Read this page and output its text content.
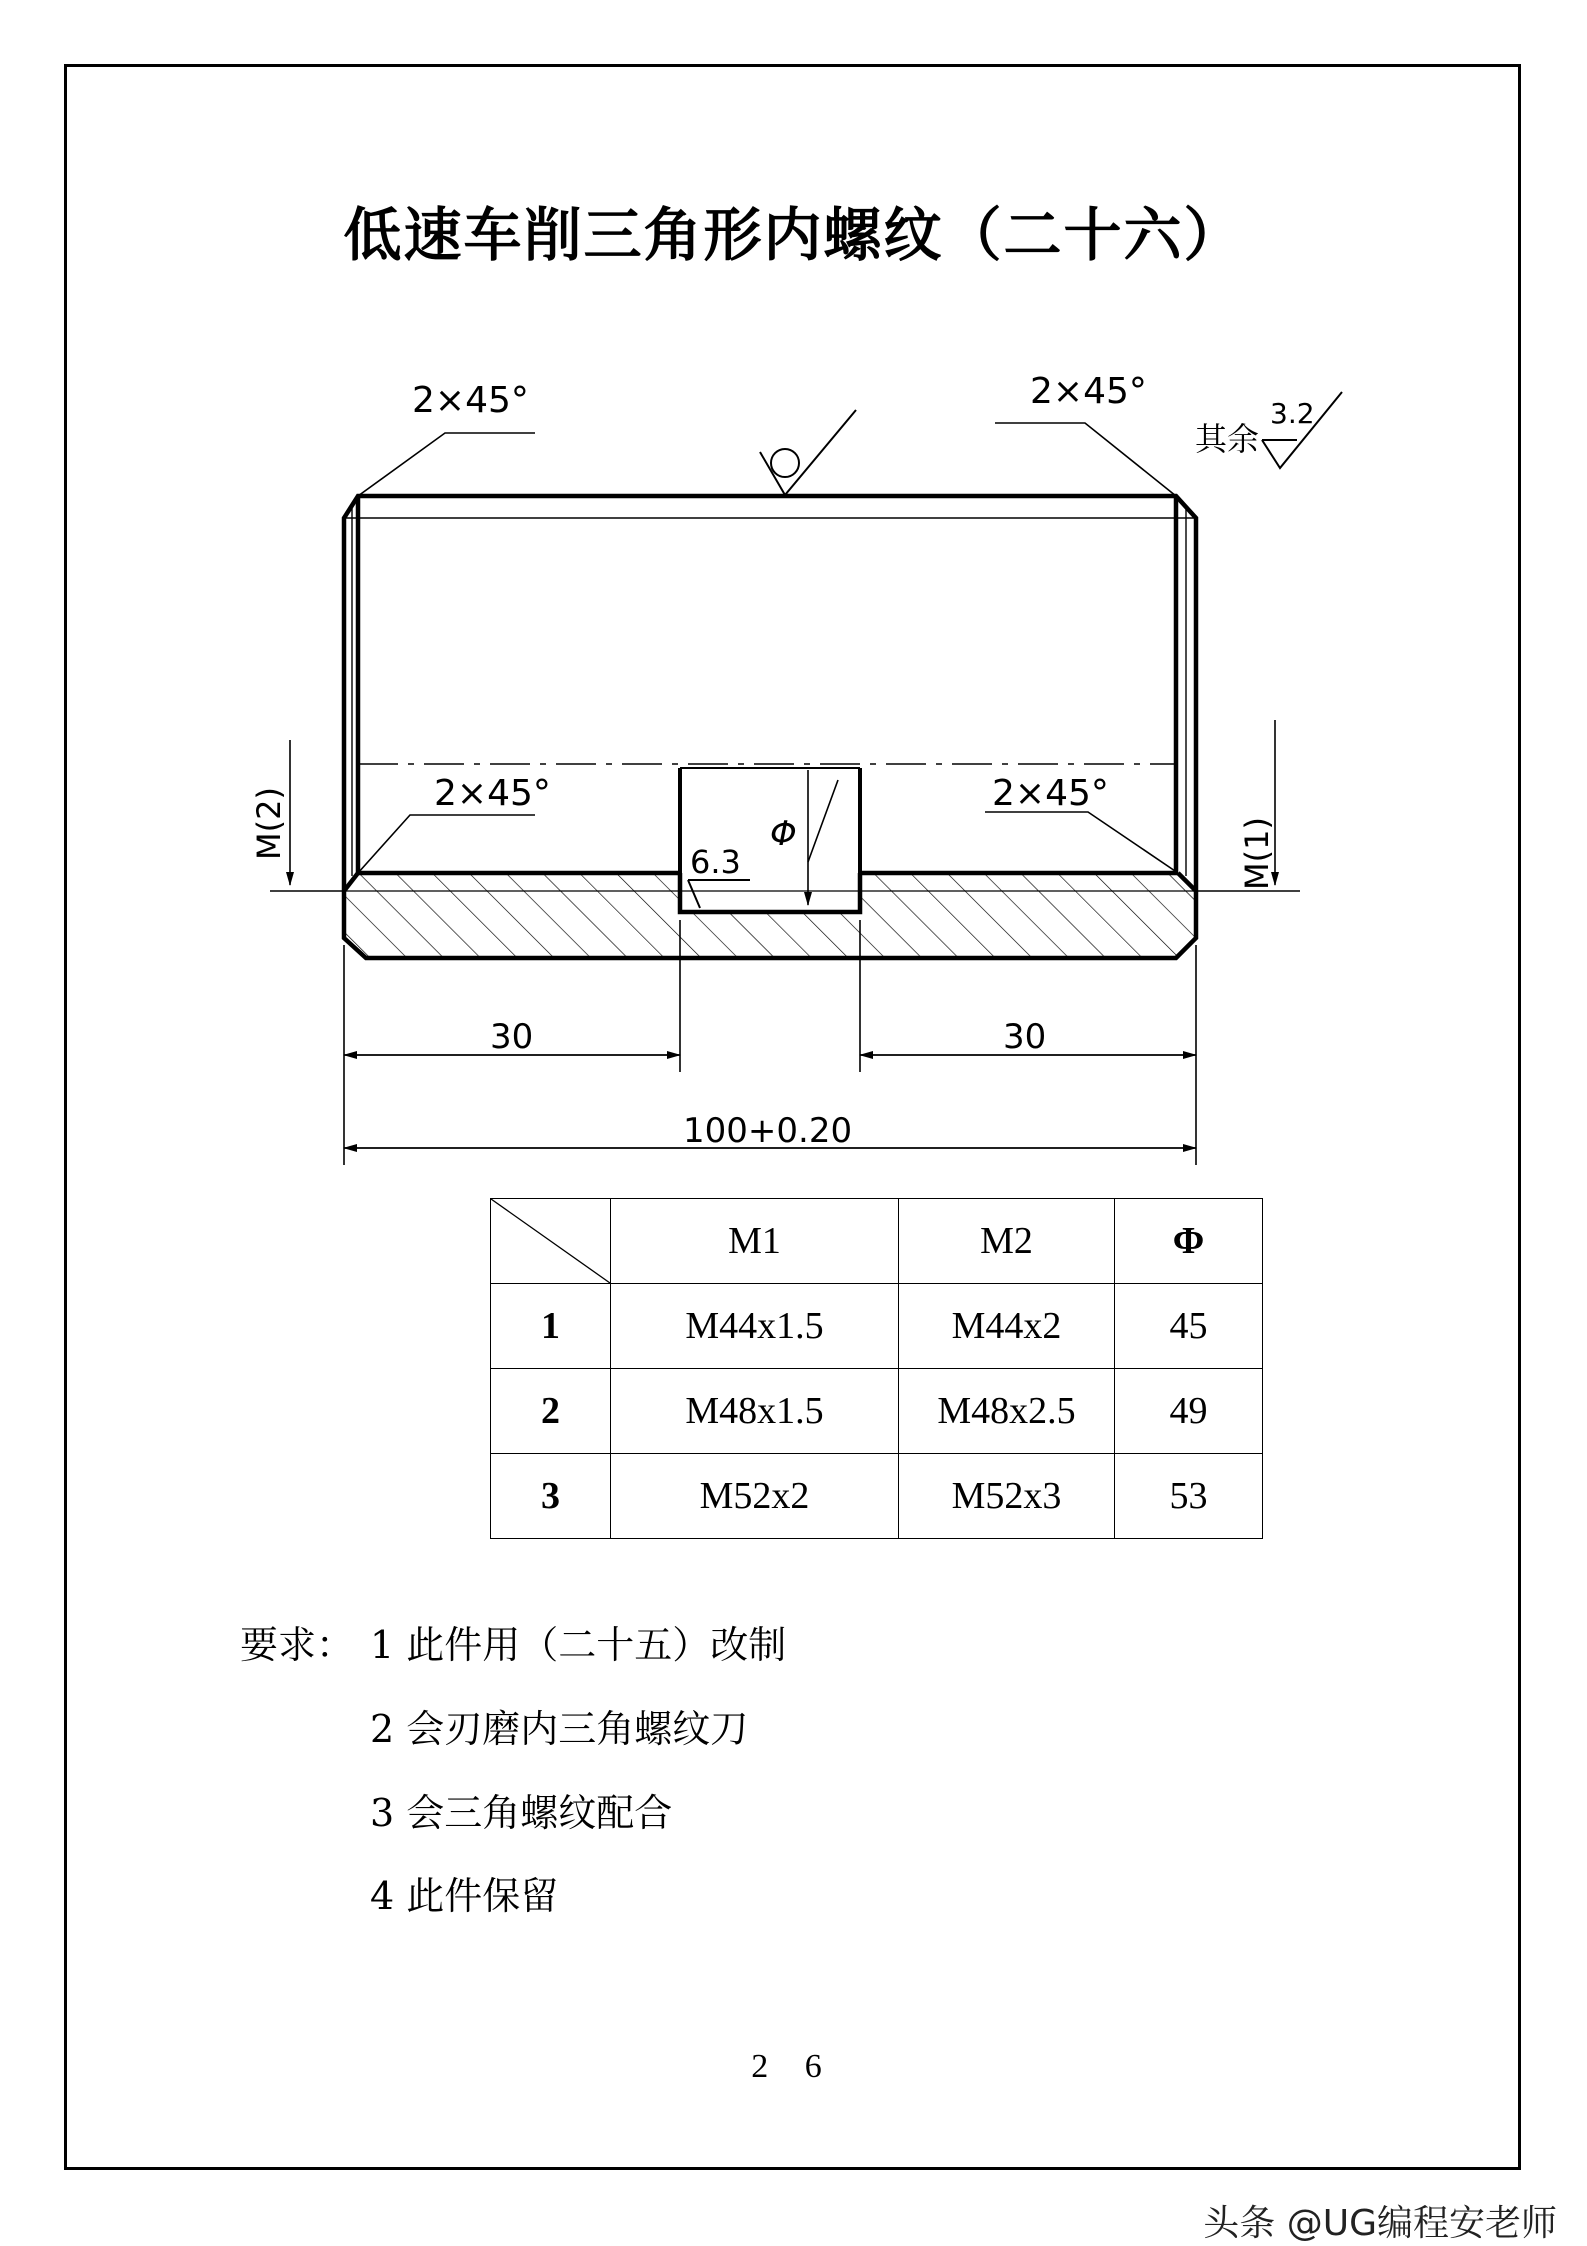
低速车削三角形内螺纹（二十六）
2×45°	2×45°
2×45°	2×45°
其余
3.2
6.3
Φ
M(2)	M(1)
30	30
100+0.20
	M1	M2	Φ
1	M44x1.5	M44x2	45
2	M48x1.5	M48x2.5	49
3	M52x2	M52x3	53
要求： 1 此件用（二十五）改制
2 会刃磨内三角螺纹刀
3 会三角螺纹配合
4 此件保留
2 6
头条 @UG编程安老师
